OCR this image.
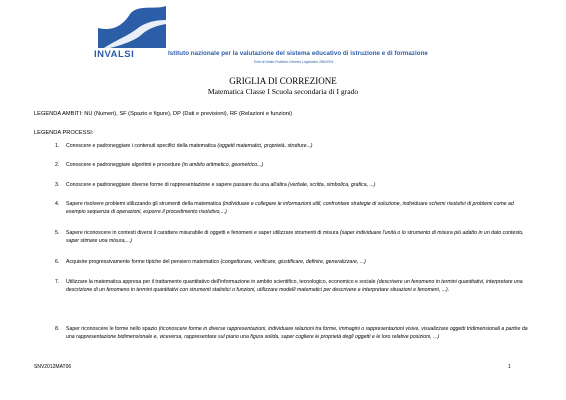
INVALSI	Istituto nazionale per la valutazione del sistema educativo di istruzione e di formazione
Ente di Diritto Pubblico Decreto Legislativo 286/2004
GRIGLIA DI CORREZIONE
Matematica Classe I Scuola secondaria di I grado
LEGENDA AMBITI: NU (Numeri), SF (Spazio e figure), DP (Dati e previsioni), RF (Relazioni e funzioni)
LEGENDA PROCESSI:
1. Conoscere e padroneggiare i contenuti specifici della matematica (oggetti matematici, proprietà, strutture...)
2. Conoscere e padroneggiare algoritmi e procedure (in ambito aritmetico, geometrico...)
3. Conoscere e padroneggiare diverse forme di rappresentazione e sapere passare da una all'altra (verbale, scritta, simbolica, grafica, ...)
4. Sapere risolvere problemi utilizzando gli strumenti della matematica (individuare e collegare le informazioni utili, confrontare strategie di soluzione, individuare schemi risolutivi di problemi come ad esempio sequenza di operazioni, esporre il procedimento risolutivo,...)
5. Sapere riconoscere in contesti diversi il carattere misurabile di oggetti e fenomeni e saper utilizzare strumenti di misura (saper individuare l'unità o lo strumento di misura più adatto in un dato contesto, saper stimare una misura,...)
6. Acquisire progressivamente forme tipiche del pensiero matematico (congetturare, verificare, giustificare, definire, generalizzare, ...)
7. Utilizzare la matematica appresa per il trattamento quantitativo dell'informazione in ambito scientifico, tecnologico, economico e sociale (descrivere un fenomeno in termini quantitativi, interpretare una descrizione di un fenomeno in termini quantitativi con strumenti statistici o funzioni, utilizzare modelli matematici per descrivere e interpretare situazioni e fenomeni, ...).
8. Saper riconoscere le forme nello spazio (riconoscere forme in diverse rappresentazioni, individuare relazioni tra forme, immagini o rappresentazioni visive, visualizzare oggetti tridimensionali a partire da una rappresentazione bidimensionale e, viceversa, rappresentare sul piano una figura solida, saper cogliere le proprietà degli oggetti e le loro relative posizioni, ...)
SNV2012MAT06	1
